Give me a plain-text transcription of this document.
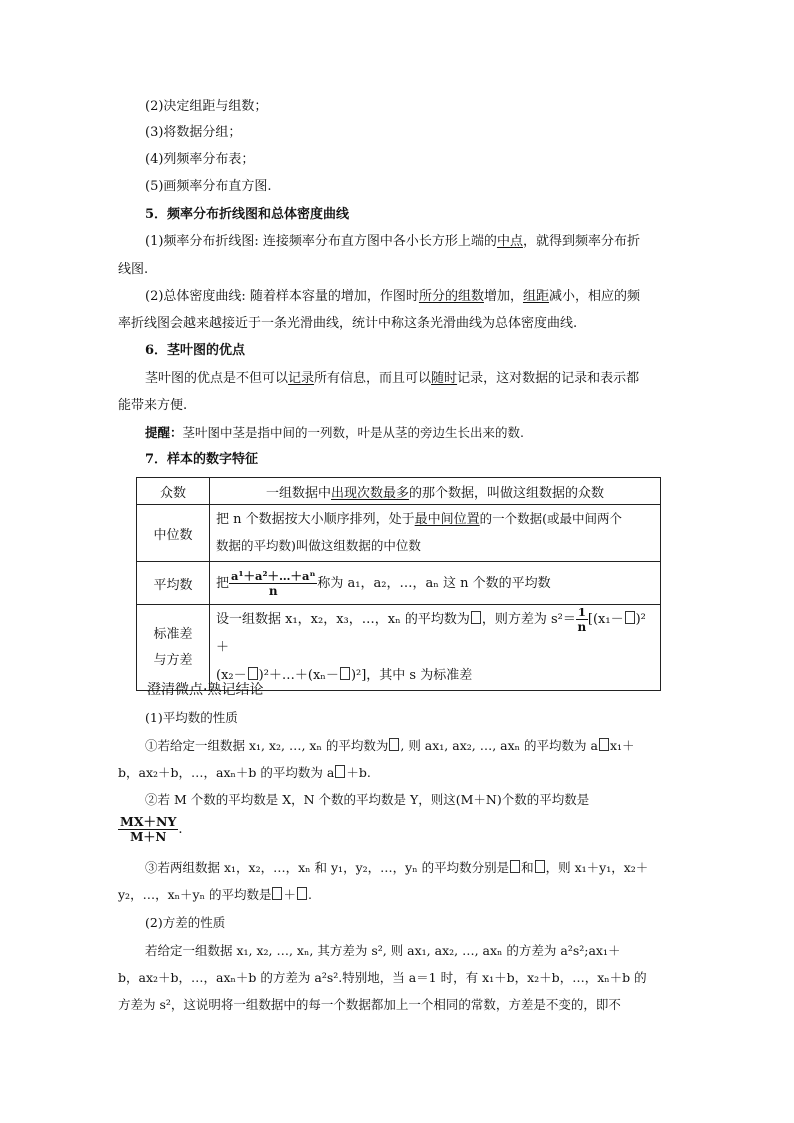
(2)决定组距与组数；
(3)将数据分组；
(4)列频率分布表；
(5)画频率分布直方图.
5．频率分布折线图和总体密度曲线
(1)频率分布折线图: 连接频率分布直方图中各小长方形上端的中点，就得到频率分布折
线图.
(2)总体密度曲线: 随着样本容量的增加，作图时所分的组数增加，组距减小，相应的频
率折线图会越来越接近于一条光滑曲线，统计中称这条光滑曲线为总体密度曲线.
6．茎叶图的优点
茎叶图的优点是不但可以记录所有信息，而且可以随时记录，这对数据的记录和表示都
能带来方便.
提醒：茎叶图中茎是指中间的一列数，叶是从茎的旁边生长出来的数.
7．样本的数字特征
众数	一组数据中出现次数最多的那个数据，叫做这组数据的众数
中位数	把 n 个数据按大小顺序排列，处于最中间位置的一个数据(或最中间两个
数据的平均数)叫做这组数据的中位数
平均数	把 $\frac{\text{a¹＋a²＋…＋aⁿ}}{n}$ 称为 a₁，a₂，…，aₙ 这 n 个数的平均数
标准差
与方差	设一组数据 x₁，x₂，x₃，…，xₙ 的平均数为 ，则方差为 $s^2= \frac{1}{n} [(x_1- )^2+$
(x₂－ )²＋…＋(xₙ－ )²]，其中 s 为标准差
澄清微点·熟记结论
(1)平均数的性质
①若给定一组数据 x₁, x₂, …, xₙ 的平均数为 , 则 ax₁, ax₂, …, axₙ 的平均数为 a x₁＋
b，ax₂＋b，…，axₙ＋b 的平均数为 a ＋b.
②若 M 个数的平均数是 X，N 个数的平均数是 Y，则这(M＋N)个数的平均数是
$\frac{MX+NY}{M+N}$ .
③若两组数据 x₁，x₂，…，xₙ 和 y₁，y₂，…，yₙ 的平均数分别是 和 ，则 x₁＋y₁，x₂＋
y₂，…，xₙ＋yₙ 的平均数是 ＋ .
(2)方差的性质
若给定一组数据 x₁, x₂, …, xₙ, 其方差为 s², 则 ax₁, ax₂, …, axₙ 的方差为 a²s²;ax₁＋
b，ax₂＋b，…，axₙ＋b 的方差为 a²s².特别地，当 a＝1 时，有 x₁＋b，x₂＋b，…，xₙ＋b 的
方差为 s²，这说明将一组数据中的每一个数据都加上一个相同的常数，方差是不变的，即不
